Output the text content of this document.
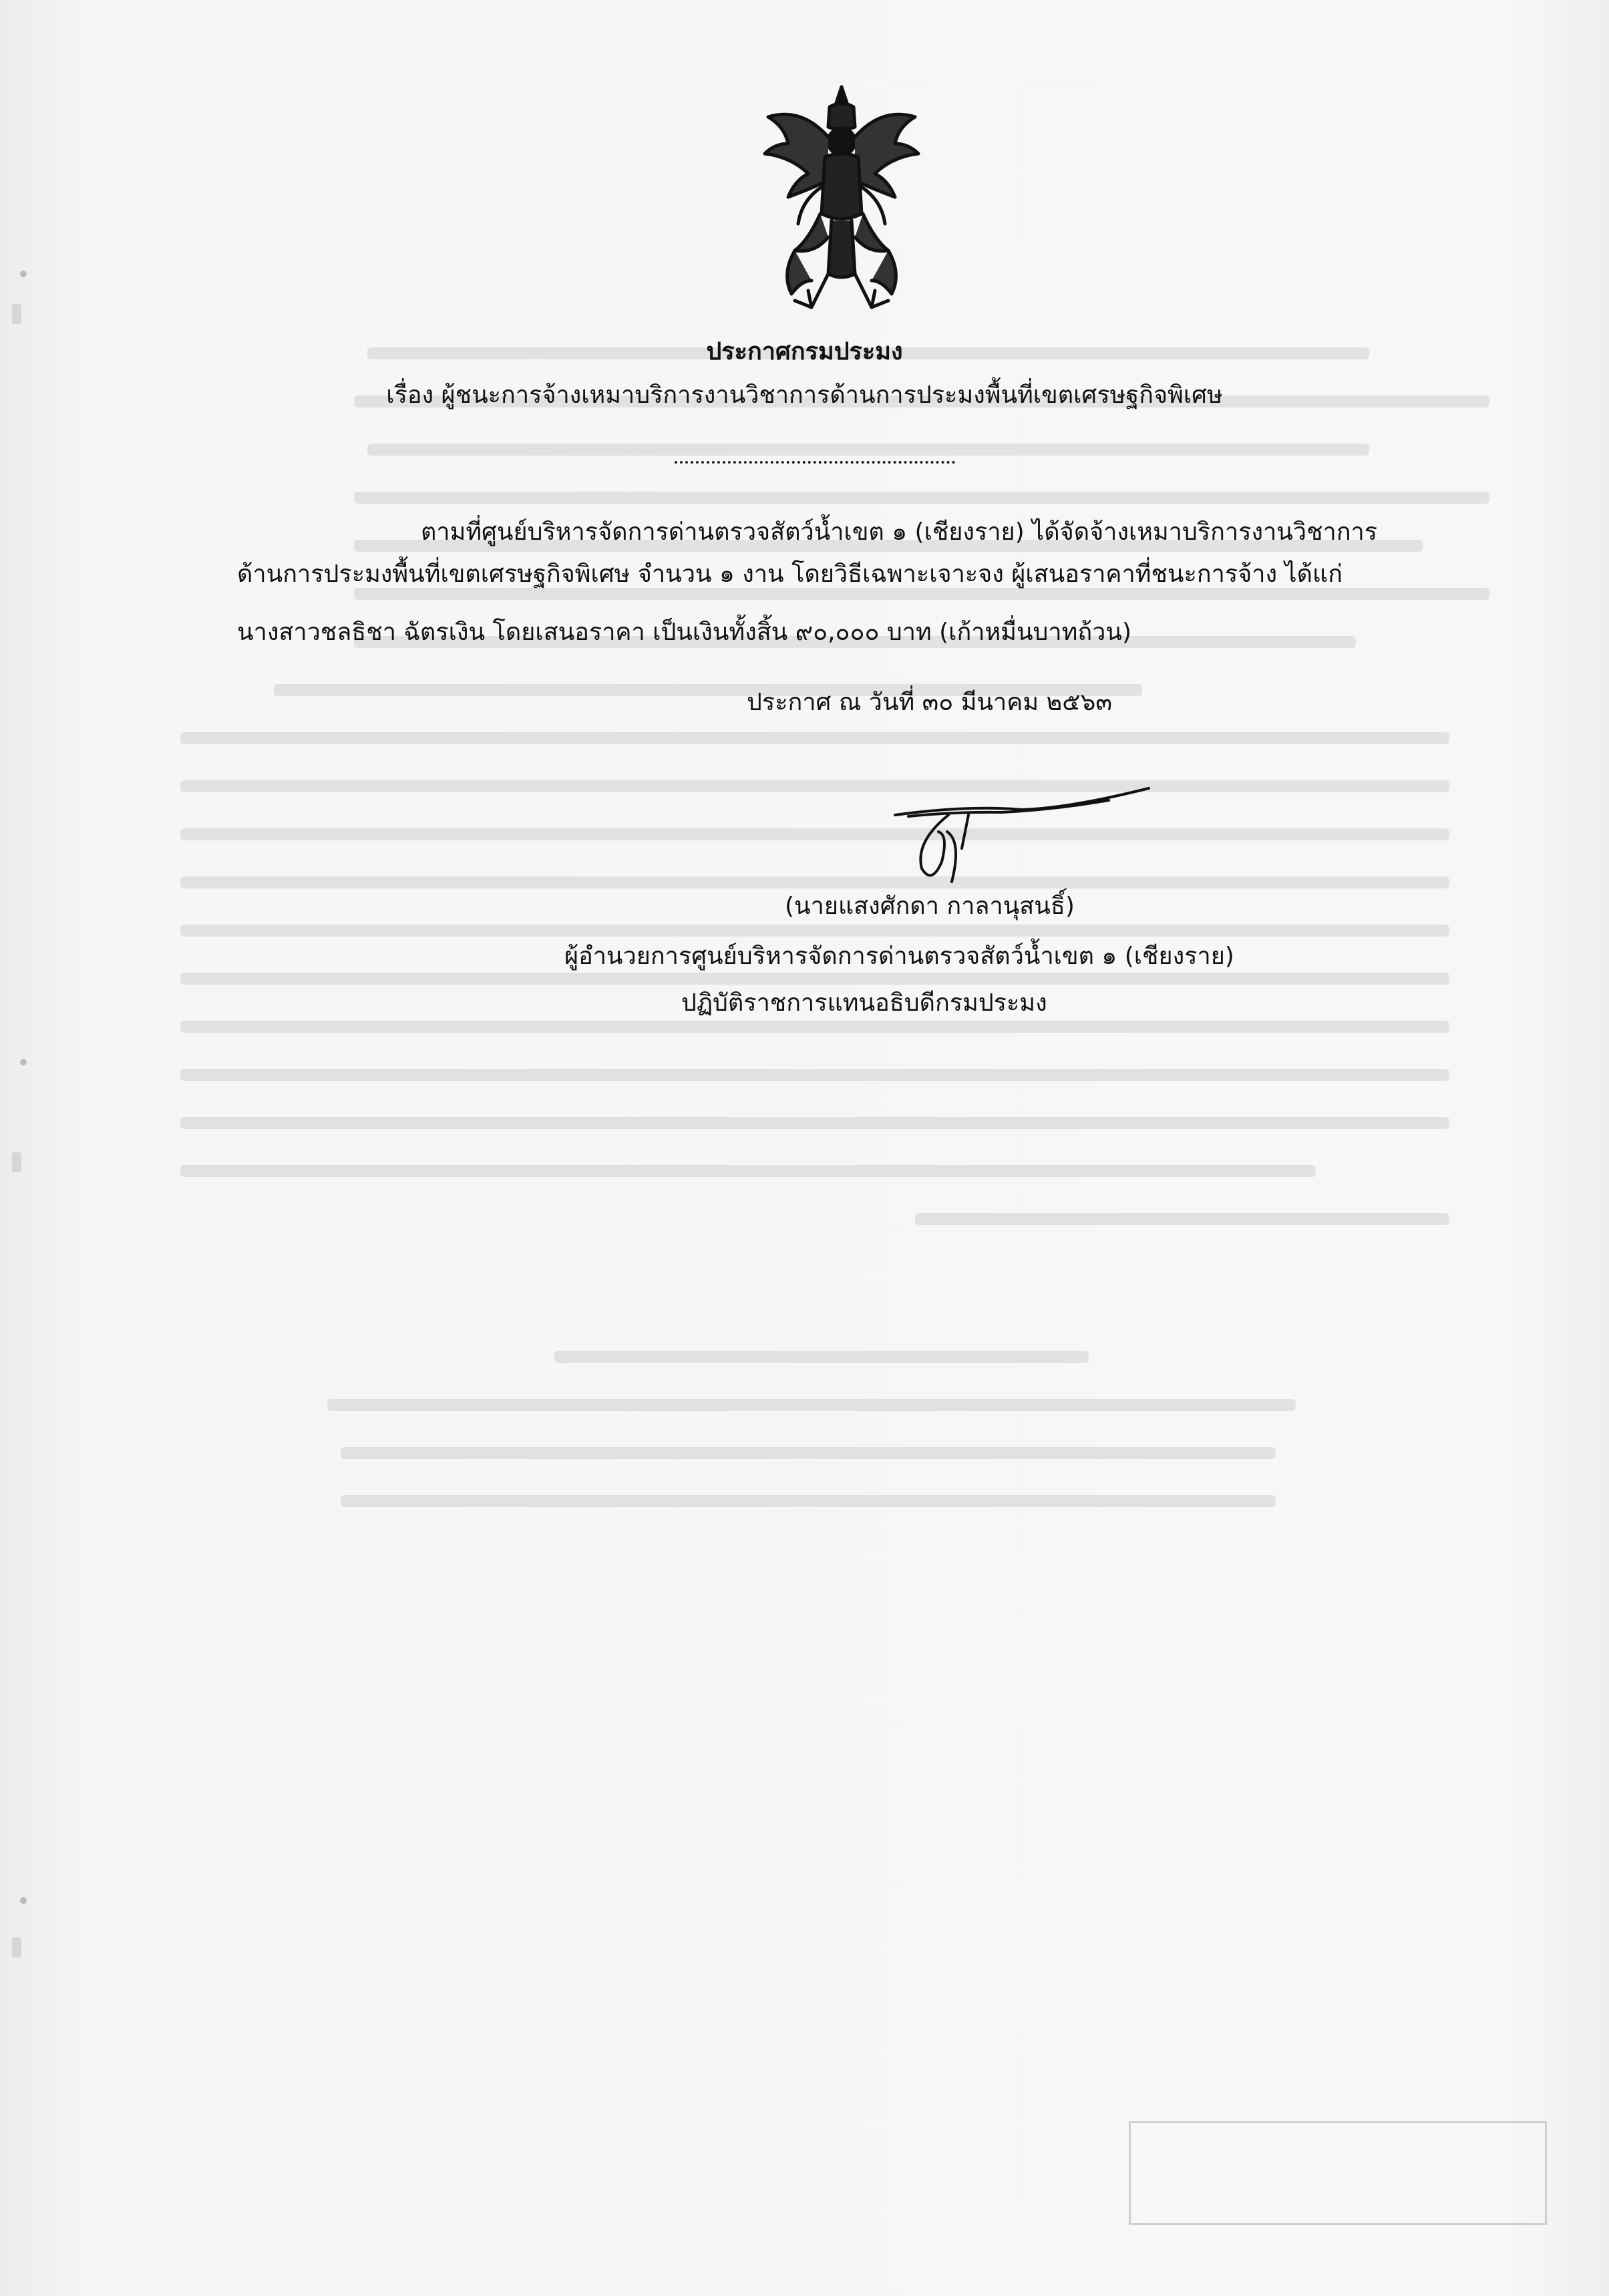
ประกาศกรมประมง
เรื่อง ผู้ชนะการจ้างเหมาบริการงานวิชาการด้านการประมงพื้นที่เขตเศรษฐกิจพิเศษ
ตามที่ศูนย์บริหารจัดการด่านตรวจสัตว์น้ำเขต ๑ (เชียงราย) ได้จัดจ้างเหมาบริการงานวิชาการ
ด้านการประมงพื้นที่เขตเศรษฐกิจพิเศษ จำนวน ๑ งาน โดยวิธีเฉพาะเจาะจง ผู้เสนอราคาที่ชนะการจ้าง ได้แก่
นางสาวชลธิชา ฉัตรเงิน โดยเสนอราคา เป็นเงินทั้งสิ้น ๙๐,๐๐๐ บาท (เก้าหมื่นบาทถ้วน)
ประกาศ ณ วันที่ ๓๐ มีนาคม ๒๕๖๓
(นายแสงศักดา กาลานุสนธิ์)
ผู้อำนวยการศูนย์บริหารจัดการด่านตรวจสัตว์น้ำเขต ๑ (เชียงราย)
ปฏิบัติราชการแทนอธิบดีกรมประมง
